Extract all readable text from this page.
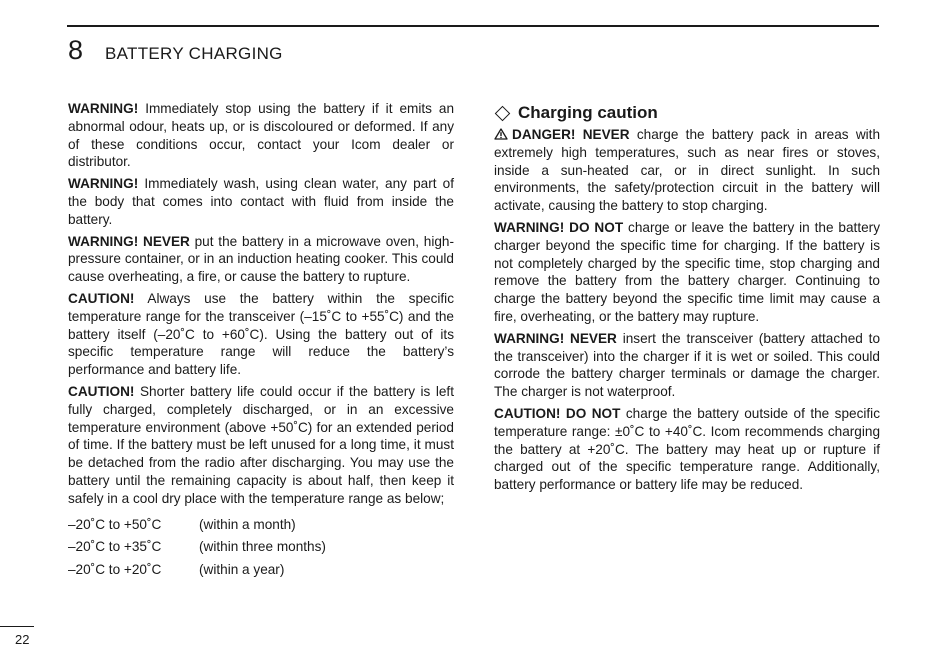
8 BATTERY CHARGING

WARNING! Immediately stop using the battery if it emits an abnormal odour, heats up, or is discoloured or deformed. If any of these conditions occur, contact your Icom dealer or distributor.

WARNING! Immediately wash, using clean water, any part of the body that comes into contact with fluid from inside the battery.

WARNING! NEVER put the battery in a microwave oven, high-pressure container, or in an induction heating cooker. This could cause overheating, a fire, or cause the battery to rupture.

CAUTION! Always use the battery within the specific temperature range for the transceiver (–15˚C to +55˚C) and the battery itself (–20˚C to +60˚C). Using the battery out of its specific temperature range will reduce the battery’s performance and battery life.

CAUTION! Shorter battery life could occur if the battery is left fully charged, completely discharged, or in an excessive temperature environment (above +50˚C) for an extended period of time. If the battery must be left unused for a long time, it must be detached from the radio after discharging. You may use the battery until the remaining capacity is about half, then keep it safely in a cool dry place with the temperature range as below;

–20˚C to +50˚C	(within a month)
–20˚C to +35˚C	(within three months)
–20˚C to +20˚C	(within a year)
Charging caution

DANGER! NEVER charge the battery pack in areas with extremely high temperatures, such as near fires or stoves, inside a sun-heated car, or in direct sunlight. In such environments, the safety/protection circuit in the battery will activate, causing the battery to stop charging.

WARNING! DO NOT charge or leave the battery in the battery charger beyond the specific time for charging. If the battery is not completely charged by the specific time, stop charging and remove the battery from the battery charger. Continuing to charge the battery beyond the specific time limit may cause a fire, overheating, or the battery may rupture.

WARNING! NEVER insert the transceiver (battery attached to the transceiver) into the charger if it is wet or soiled. This could corrode the battery charger terminals or damage the charger. The charger is not waterproof.

CAUTION! DO NOT charge the battery outside of the specific temperature range: ±0˚C to +40˚C. Icom recommends charging the battery at +20˚C. The battery may heat up or rupture if charged out of the specific temperature range. Additionally, battery performance or battery life may be reduced.

22
